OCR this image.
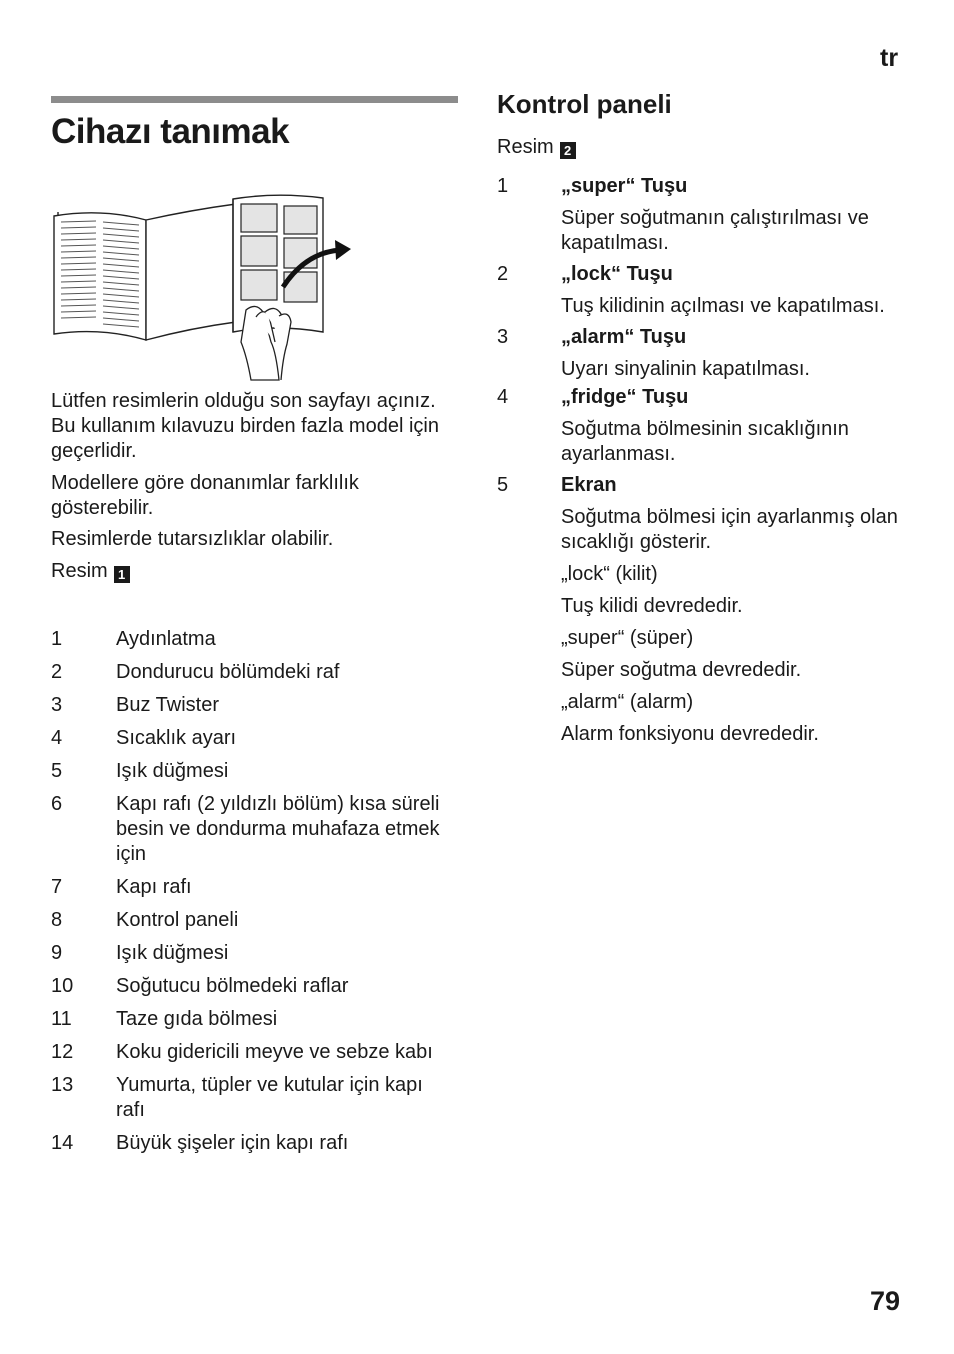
tr
Cihazı tanımak
Lütfen resimlerin olduğu son sayfayı açınız. Bu kullanım kılavuzu birden fazla model için geçerlidir.
Modellere göre donanımlar farklılık gösterebilir.
Resimlerde tutarsızlıklar olabilir.
Resim 1
1	Aydınlatma
2	Dondurucu bölümdeki raf
3	Buz Twister
4	Sıcaklık ayarı
5	Işık düğmesi
6	Kapı rafı (2 yıldızlı bölüm) kısa süreli besin ve dondurma muhafaza etmek için
7	Kapı rafı
8	Kontrol paneli
9	Işık düğmesi
10	Soğutucu bölmedeki raflar
11	Taze gıda bölmesi
12	Koku gidericili meyve ve sebze kabı
13	Yumurta, tüpler ve kutular için kapı rafı
14	Büyük şişeler için kapı rafı
Kontrol paneli
Resim 2
1	„super“ Tuşu
Süper soğutmanın çalıştırılması ve kapatılması.
2	„lock“ Tuşu
Tuş kilidinin açılması ve kapatılması.
3	„alarm“ Tuşu
Uyarı sinyalinin kapatılması.
4	„fridge“ Tuşu
Soğutma bölmesinin sıcaklığının ayarlanması.
5	Ekran
Soğutma bölmesi için ayarlanmış olan sıcaklığı gösterir.
„lock“ (kilit)
Tuş kilidi devrededir.
„super“ (süper)
Süper soğutma devrededir.
„alarm“ (alarm)
Alarm fonksiyonu devrededir.
79
